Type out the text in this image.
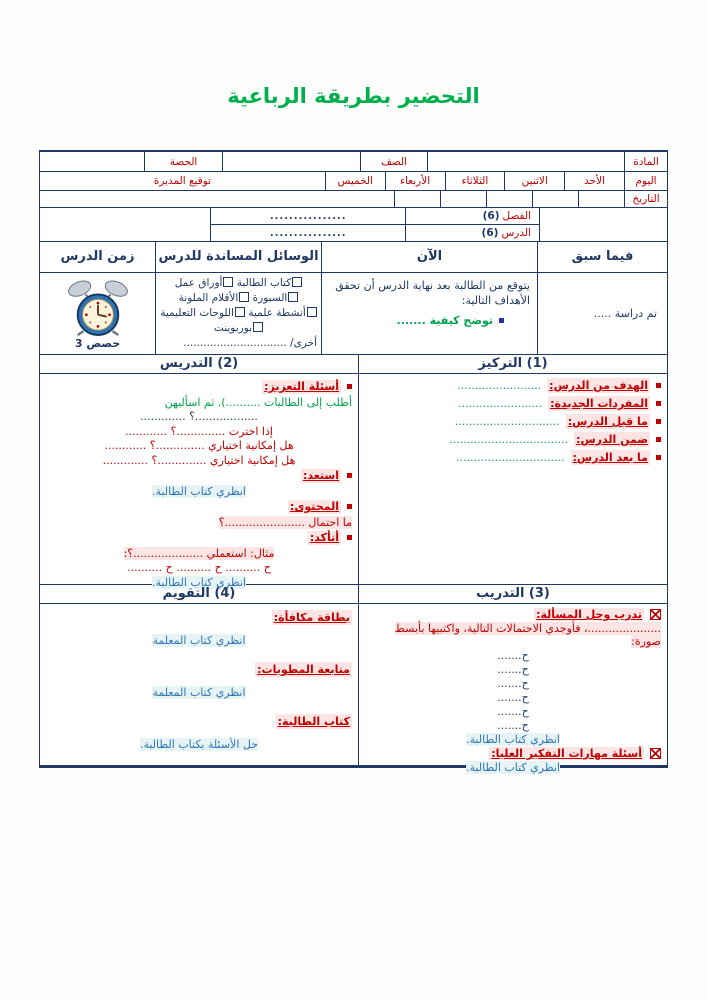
التحضير بطريقة الرباعية
المادة
الصف
الحصة
اليوم
الأحد
الاثنين
الثلاثاء
الأربعاء
الخميس
توقيع المديرة
التاريخ
الفصل
(6)
................
الدرس
(6)
................
فيما سبق
الآن
الوسائل المساندة للدرس
زمن الدرس
تم دراسة .....
يتوقع من الطالبة بعد نهاية الدرس أن تحقق الأهداف التالية:
توضح كيفية .......
كتاب الطالبة أوراق عمل السبورة الأقلام الملونة أنشطة علمية اللوحات التعليمية بوربوينت
أخرى/ ...............................
3 حصص
(1) التركيز
(2) التدريس
الهدف من الدرس:
........................
المفردات الجديدة:
........................
ما قبل الدرس:
..............................
ضمن الدرس:
..................................
ما بعد الدرس:
...............................
أسئلة التعزيز:
أطلب إلى الطالبات ..........). ثم اسأليهن
..................؟ .............
إذا اخترت ..............؟ ............
هل إمكانية اختياري ..............؟ ............
هل إمكانية اختياري ..............؟ .............
استعد:
انظري كتاب الطالبة.
المحتوى:
ما احتمال .......................؟
أتأكد:
مثال: استعملي ....................؟:
ح .......... ح .......... ح ..........
انظري كتاب الطالبة.
(3) التدريب
(4) التقويم
تدرب وحل المسألة:
.....................، فأوجدي الاحتمالات التالية، واكتبيها بأبسط صورة:
ح.......
ح.......
ح.......
ح.......
ح.......
ح.......
انظري كتاب الطالبة.
أسئلة مهارات التفكير العليا:
انظري كتاب الطالبة.
بطاقة مكافأة:
انظري كتاب المعلمة
متابعة المطويات:
انظري كتاب المعلمة
كتاب الطالبة:
حل الأسئلة بكتاب الطالبة.
